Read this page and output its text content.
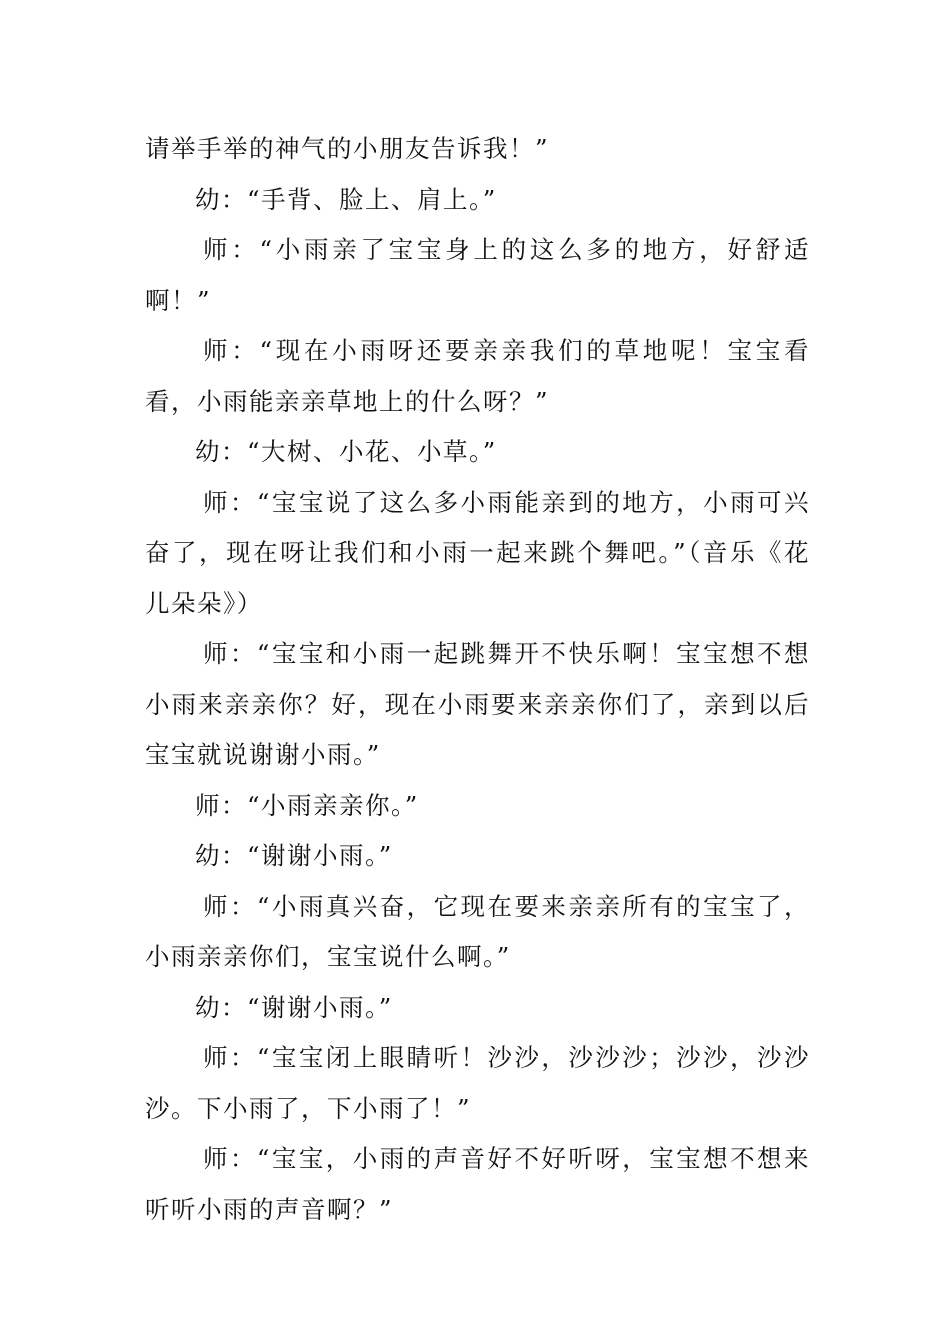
请举手举的神气的小朋友告诉我！”

幼：“手背、脸上、肩上。”

师：“小雨亲了宝宝身上的这么多的地方，好舒适啊！”

师：“现在小雨呀还要亲亲我们的草地呢！宝宝看看，小雨能亲亲草地上的什么呀？”

幼：“大树、小花、小草。”

师：“宝宝说了这么多小雨能亲到的地方，小雨可兴奋了，现在呀让我们和小雨一起来跳个舞吧。”（音乐《花儿朵朵》）

师：“宝宝和小雨一起跳舞开不快乐啊！宝宝想不想小雨来亲亲你？好，现在小雨要来亲亲你们了，亲到以后宝宝就说谢谢小雨。”

师：“小雨亲亲你。”

幼：“谢谢小雨。”

师：“小雨真兴奋，它现在要来亲亲所有的宝宝了，小雨亲亲你们，宝宝说什么啊。”

幼：“谢谢小雨。”

师：“宝宝闭上眼睛听！沙沙，沙沙沙；沙沙，沙沙沙。下小雨了，下小雨了！”

师：“宝宝，小雨的声音好不好听呀，宝宝想不想来听听小雨的声音啊？”
